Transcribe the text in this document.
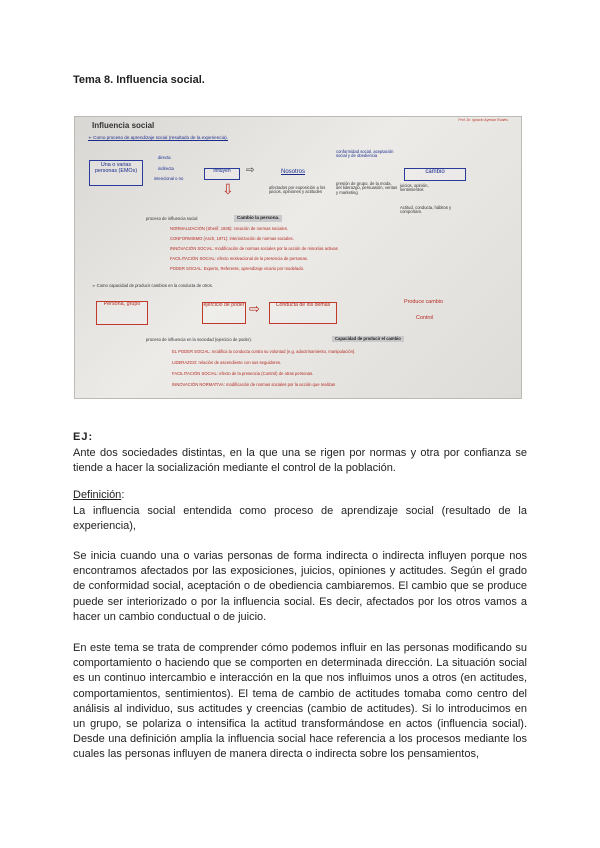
Tema 8. Influencia social.
Influencia social
Prof. Dr. Ignacio Ayestar Ruales
➢ Como proceso de aprendizaje social (resultado de la experiencia).
Una o varias personas (EMOs)
directa
indirecta
intencional o no
influyen	⇨	Nosotros
afectados por exposición a los juicios, opiniones y actitudes
conformidad social, aceptación social y de obediencia
presión de grupo, de la moda, del liderazgo, persuasión, ventas y marketing
cambio
juicios, opinión, sentimientos
Actitud, conducta, hábitos y comportam.
⇩
proceso de influencia social	Cambio la persona.
NORMALIZACIÓN (Sherif, 1935): creación de normas sociales.
CONFORMISMO (Asch, 1971): interiorización de normas sociales.
INNOVACIÓN SOCIAL: modificación de normas sociales por la acción de minorías activas
FACILITACIÓN SOCIAL: efecto motivacional de la presencia de personas.
PODER SOCIAL: Experto, Referente, aprendizaje vicario por modelado.
➢ Como capacidad de producir cambios en la conducta de otros.
Persona, grupo	ejercicio de poder ⇨	Conducta de los demás	Produce cambio
Control
proceso de influencia en la sociedad (ejercicio de poder).	Capacidad de producir el cambio
EL PODER SOCIAL: modifica la conducta contra su voluntad (e.g. adoctrinamiento, manipulación).
LIDERAZGO: relación de ascendiente con sus seguidores.
FACILITACIÓN SOCIAL: efecto de la presencia (Control) de otras personas.
INNOVACIÓN NORMATIVA: modificación de normas sociales por la acción que realizan
EJ:
Ante dos sociedades distintas, en la que una se rigen por normas y otra por confianza se tiende a hacer la socialización mediante el control de la población.
Definición:
La influencia social entendida como proceso de aprendizaje social (resultado de la experiencia),
Se inicia cuando una o varias personas de forma indirecta o indirecta influyen porque nos encontramos afectados por las exposiciones, juicios, opiniones y actitudes. Según el grado de conformidad social, aceptación o de obediencia cambiaremos. El cambio que se produce puede ser interiorizado o por la influencia social. Es decir, afectados por los otros vamos a hacer un cambio conductual o de juicio.
En este tema se trata de comprender cómo podemos influir en las personas modificando su comportamiento o haciendo que se comporten en determinada dirección. La situación social es un continuo intercambio e interacción en la que nos influimos unos a otros (en actitudes, comportamientos, sentimientos). El tema de cambio de actitudes tomaba como centro del análisis al individuo, sus actitudes y creencias (cambio de actitudes). Si lo introducimos en un grupo, se polariza o intensifica la actitud transformándose en actos (influencia social). Desde una definición amplia la influencia social hace referencia a los procesos mediante los cuales las personas influyen de manera directa o indirecta sobre los pensamientos,
